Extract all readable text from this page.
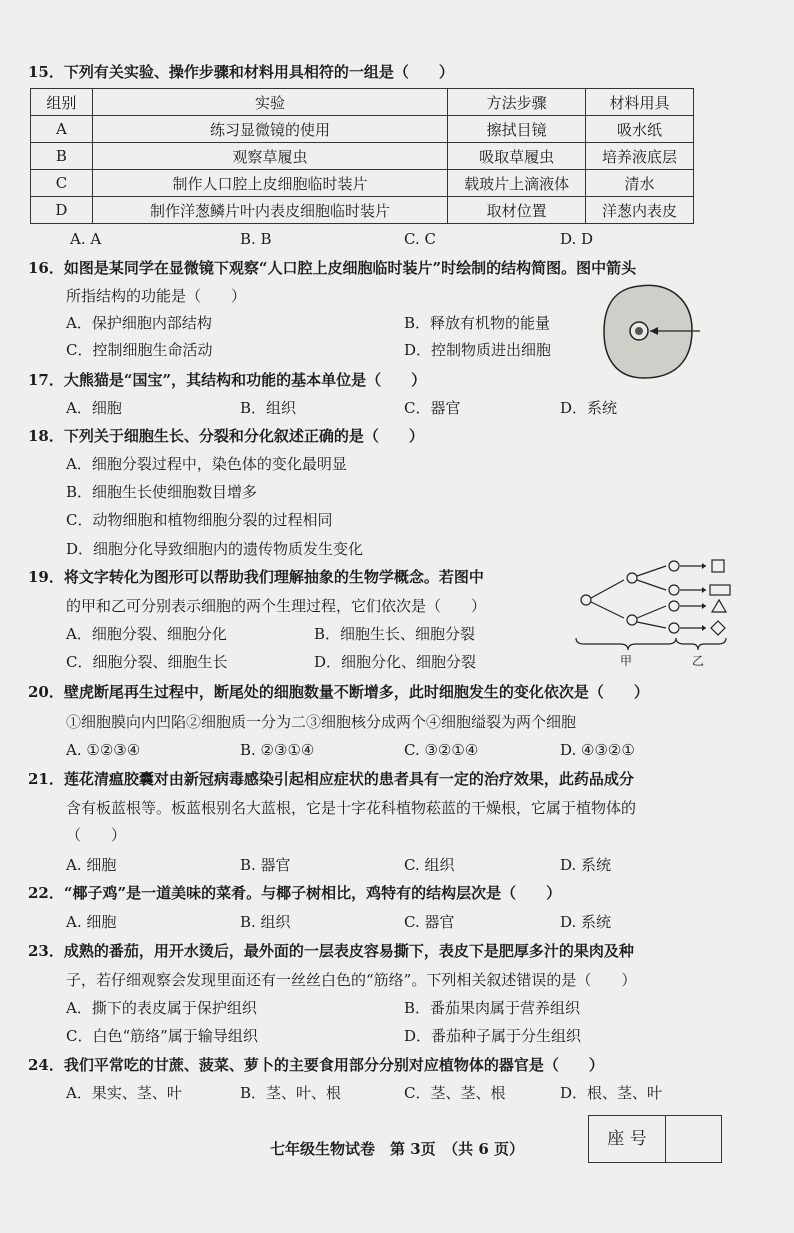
15．下列有关实验、操作步骤和材料用具相符的一组是（　　）
组别	实验	方法步骤	材料用具
A	练习显微镜的使用	擦拭目镜	吸水纸
B	观察草履虫	吸取草履虫	培养液底层
C	制作人口腔上皮细胞临时装片	载玻片上滴液体	清水
D	制作洋葱鳞片叶内表皮细胞临时装片	取材位置	洋葱内表皮
A. A	B. B	C. C	D. D
16．如图是某同学在显微镜下观察“人口腔上皮细胞临时装片”时绘制的结构简图。图中箭头
所指结构的功能是（　　）
A．保护细胞内部结构	B．释放有机物的能量
C．控制细胞生命活动	D．控制物质进出细胞
17．大熊猫是“国宝”，其结构和功能的基本单位是（　　）
A．细胞	B．组织	C．器官	D．系统
18．下列关于细胞生长、分裂和分化叙述正确的是（　　）
A．细胞分裂过程中，染色体的变化最明显
B．细胞生长使细胞数目增多
C．动物细胞和植物细胞分裂的过程相同
D．细胞分化导致细胞内的遗传物质发生变化
19．将文字转化为图形可以帮助我们理解抽象的生物学概念。若图中
的甲和乙可分别表示细胞的两个生理过程，它们依次是（　　）
A．细胞分裂、细胞分化	B．细胞生长、细胞分裂
C．细胞分裂、细胞生长	D．细胞分化、细胞分裂	甲	乙
20．壁虎断尾再生过程中，断尾处的细胞数量不断增多，此时细胞发生的变化依次是（　　）
①细胞膜向内凹陷②细胞质一分为二③细胞核分成两个④细胞缢裂为两个细胞
A. ①②③④	B. ②③①④	C. ③②①④	D. ④③②①
21．莲花清瘟胶囊对由新冠病毒感染引起相应症状的患者具有一定的治疗效果，此药品成分
含有板蓝根等。板蓝根别名大蓝根，它是十字花科植物菘蓝的干燥根，它属于植物体的
（　　）
A. 细胞	B. 器官	C. 组织	D. 系统
22．“椰子鸡”是一道美味的菜肴。与椰子树相比，鸡特有的结构层次是（　　）
A. 细胞	B. 组织	C. 器官	D. 系统
23．成熟的番茄，用开水烫后，最外面的一层表皮容易撕下，表皮下是肥厚多汁的果肉及种
子，若仔细观察会发现里面还有一丝丝白色的“筋络”。下列相关叙述错误的是（　　）
A．撕下的表皮属于保护组织	B．番茄果肉属于营养组织
C．白色“筋络”属于输导组织	D．番茄种子属于分生组织
24．我们平常吃的甘蔗、菠菜、萝卜的主要食用部分分别对应植物体的器官是（　　）
A．果实、茎、叶	B．茎、叶、根	C．茎、茎、根	D．根、茎、叶
七年级生物试卷　第 3页　（共 6 页）	座 号
